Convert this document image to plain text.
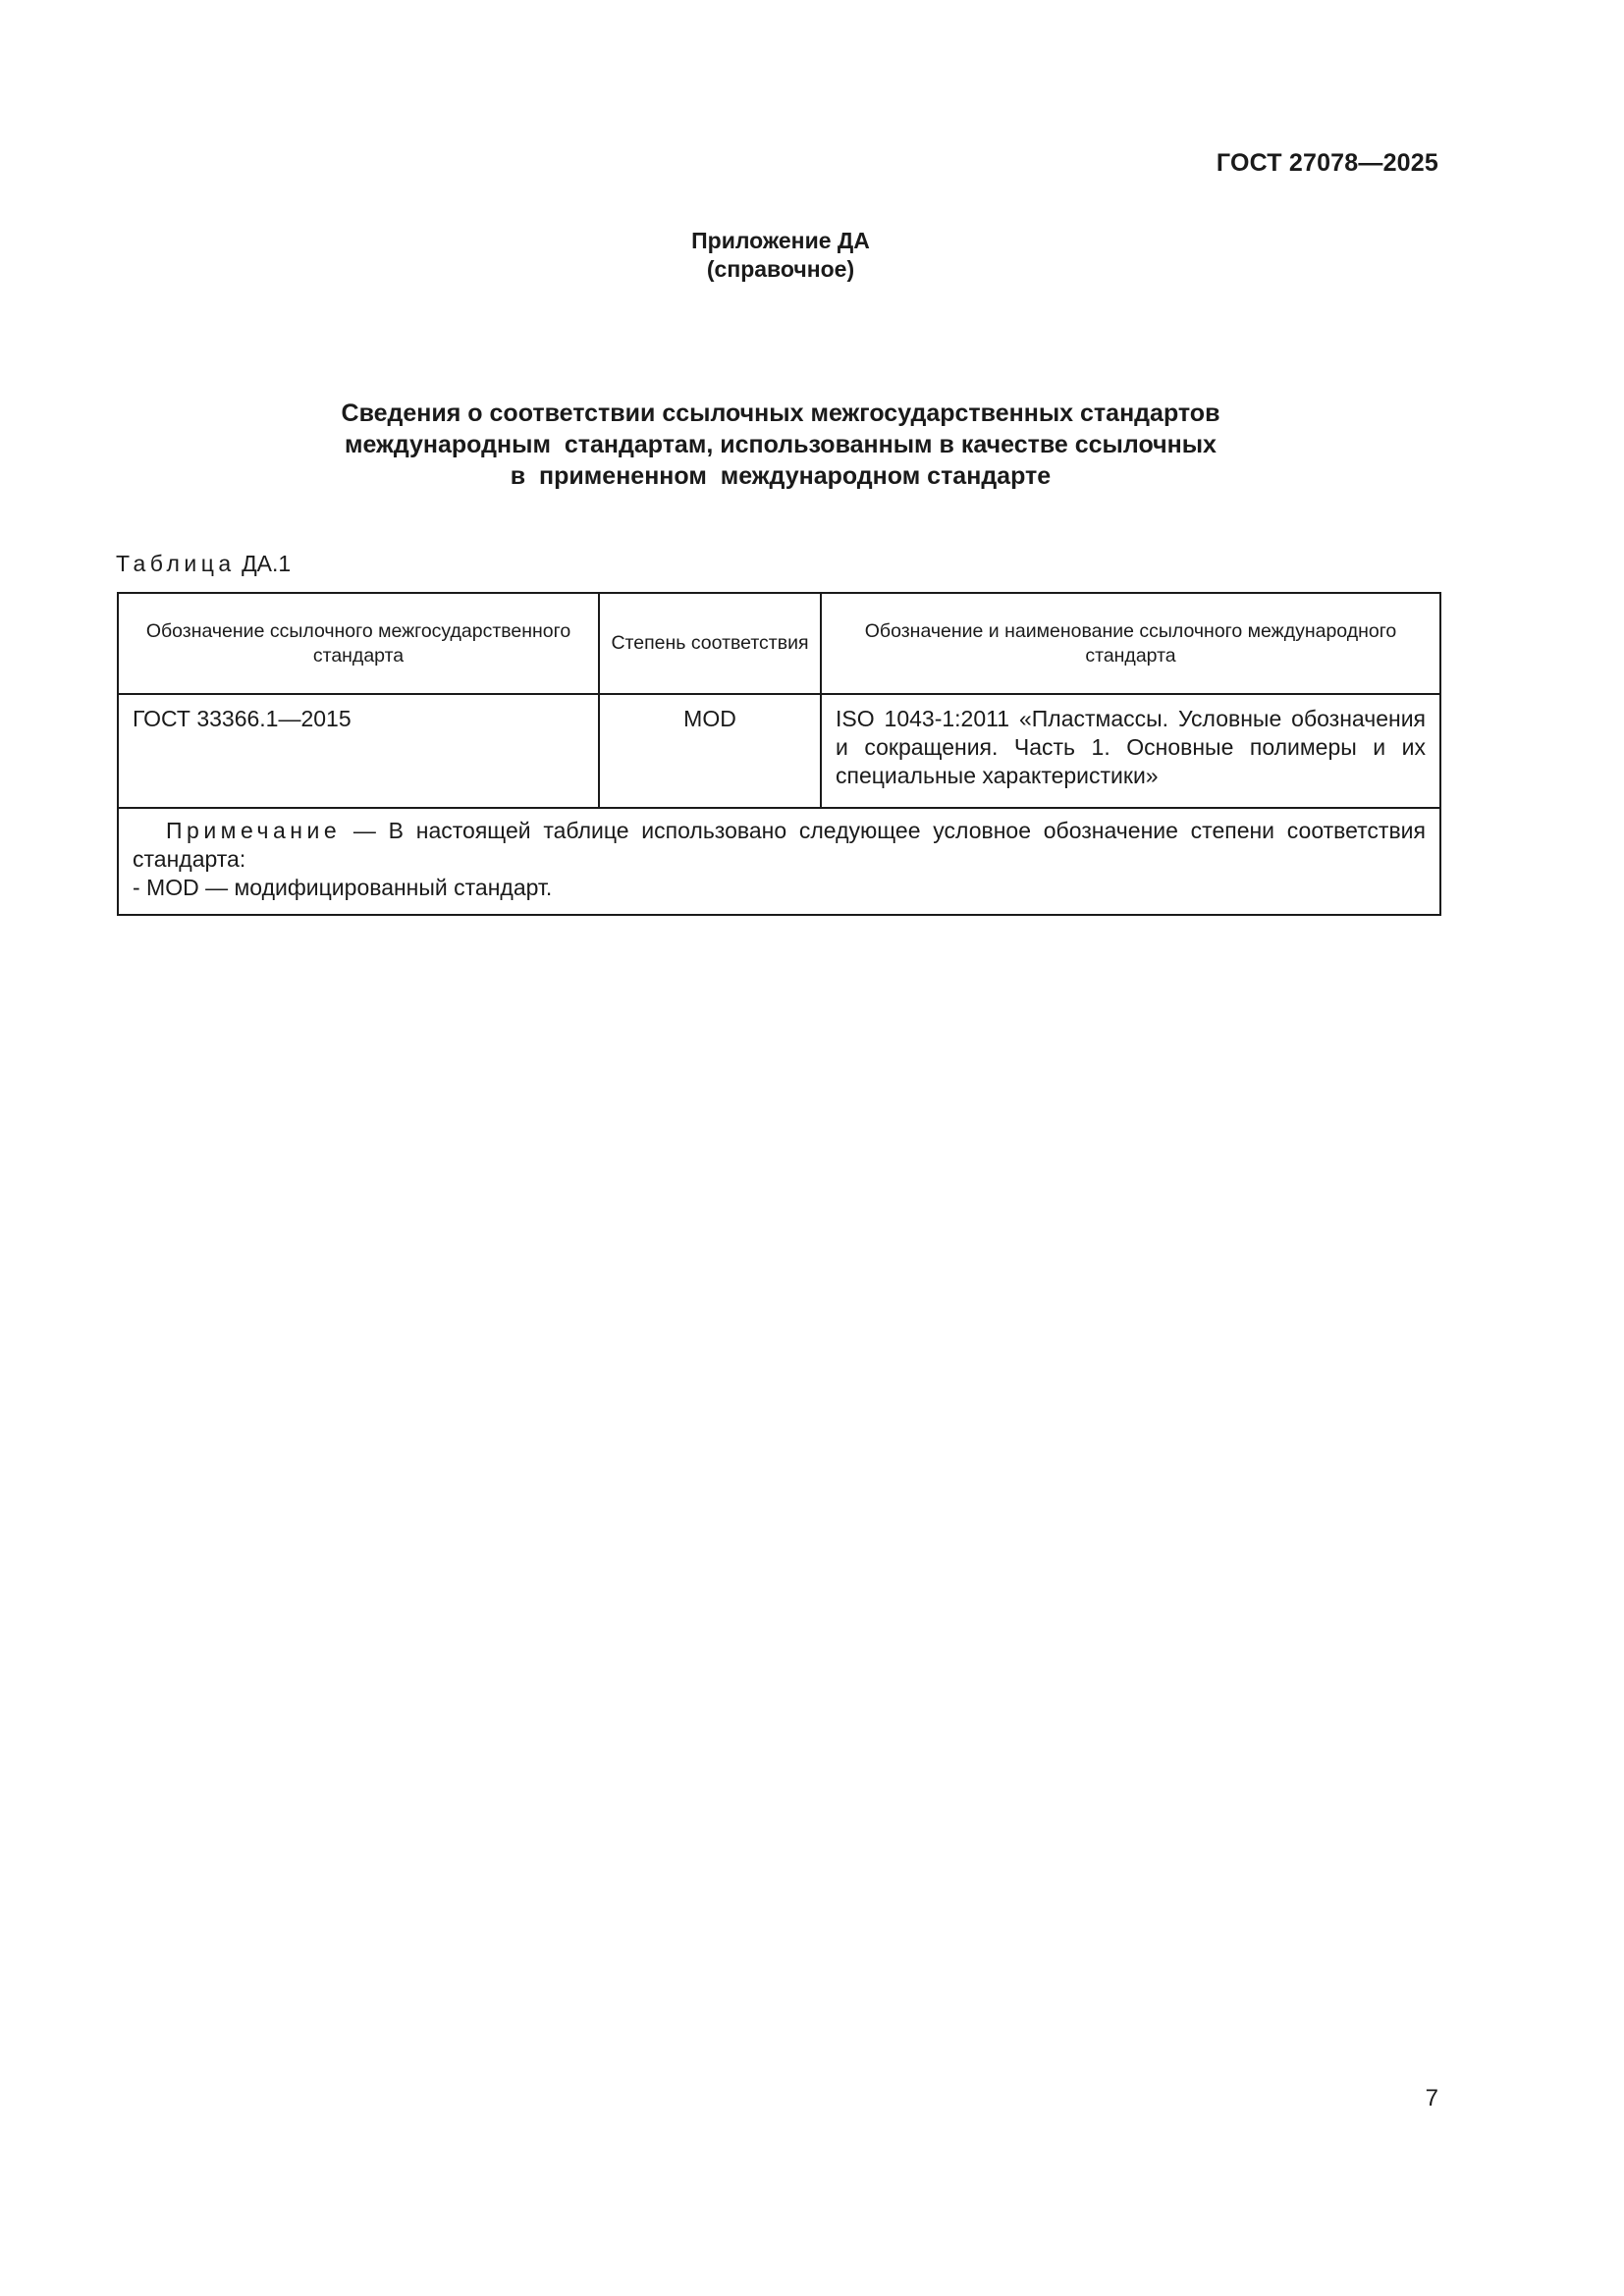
ГОСТ 27078—2025
Приложение ДА
(справочное)
Сведения о соответствии ссылочных межгосударственных стандартов
международным  стандартам, использованным в качестве ссылочных
в  примененном  международном стандарте
Таблица ДА.1
Обозначение ссылочного межгосударственного стандарта	Степень соответствия	Обозначение и наименование ссылочного международного стандарта

ГОСТ 33366.1—2015	MOD	ISO 1043-1:2011 «Пластмассы. Условные обозначения и сокращения. Часть 1. Основные полимеры и их специальные характеристики»
Примечание — В настоящей таблице использовано следующее условное обозначение степени соответствия стандарта:
- MOD — модифицированный стандарт.		
7
